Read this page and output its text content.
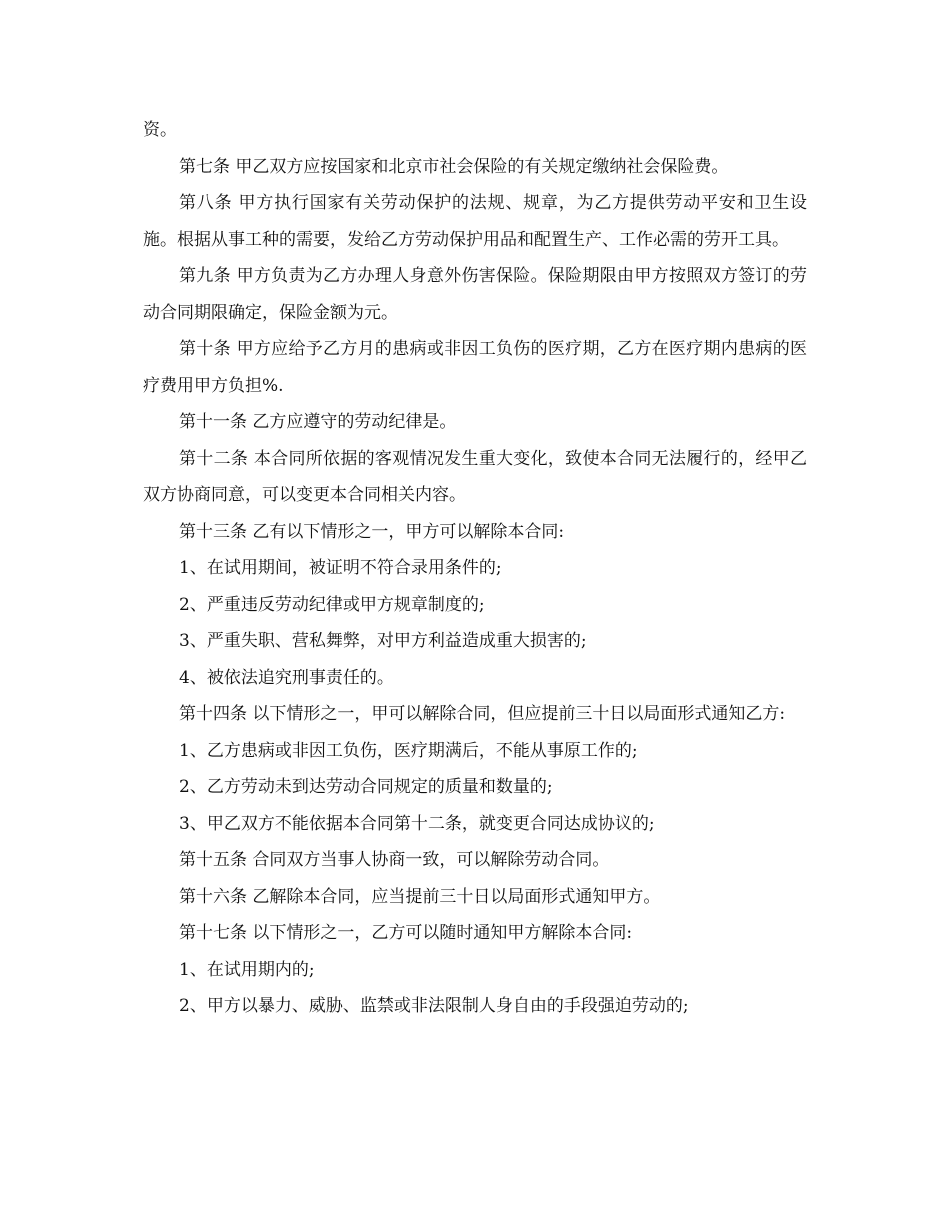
资。

第七条 甲乙双方应按国家和北京市社会保险的有关规定缴纳社会保险费。

第八条 甲方执行国家有关劳动保护的法规、规章，为乙方提供劳动平安和卫生设施。根据从事工种的需要，发给乙方劳动保护用品和配置生产、工作必需的劳开工具。

第九条 甲方负责为乙方办理人身意外伤害保险。保险期限由甲方按照双方签订的劳动合同期限确定，保险金额为元。

第十条 甲方应给予乙方月的患病或非因工负伤的医疗期，乙方在医疗期内患病的医疗费用甲方负担%.

第十一条 乙方应遵守的劳动纪律是。

第十二条 本合同所依据的客观情况发生重大变化，致使本合同无法履行的，经甲乙双方协商同意，可以变更本合同相关内容。

第十三条 乙有以下情形之一，甲方可以解除本合同:

1、在试用期间，被证明不符合录用条件的;

2、严重违反劳动纪律或甲方规章制度的;

3、严重失职、营私舞弊，对甲方利益造成重大损害的;

4、被依法追究刑事责任的。

第十四条 以下情形之一，甲可以解除合同，但应提前三十日以局面形式通知乙方:

1、乙方患病或非因工负伤，医疗期满后，不能从事原工作的;

2、乙方劳动未到达劳动合同规定的质量和数量的;

3、甲乙双方不能依据本合同第十二条，就变更合同达成协议的;

第十五条 合同双方当事人协商一致，可以解除劳动合同。

第十六条 乙解除本合同，应当提前三十日以局面形式通知甲方。

第十七条 以下情形之一，乙方可以随时通知甲方解除本合同:

1、在试用期内的;

2、甲方以暴力、威胁、监禁或非法限制人身自由的手段强迫劳动的;
